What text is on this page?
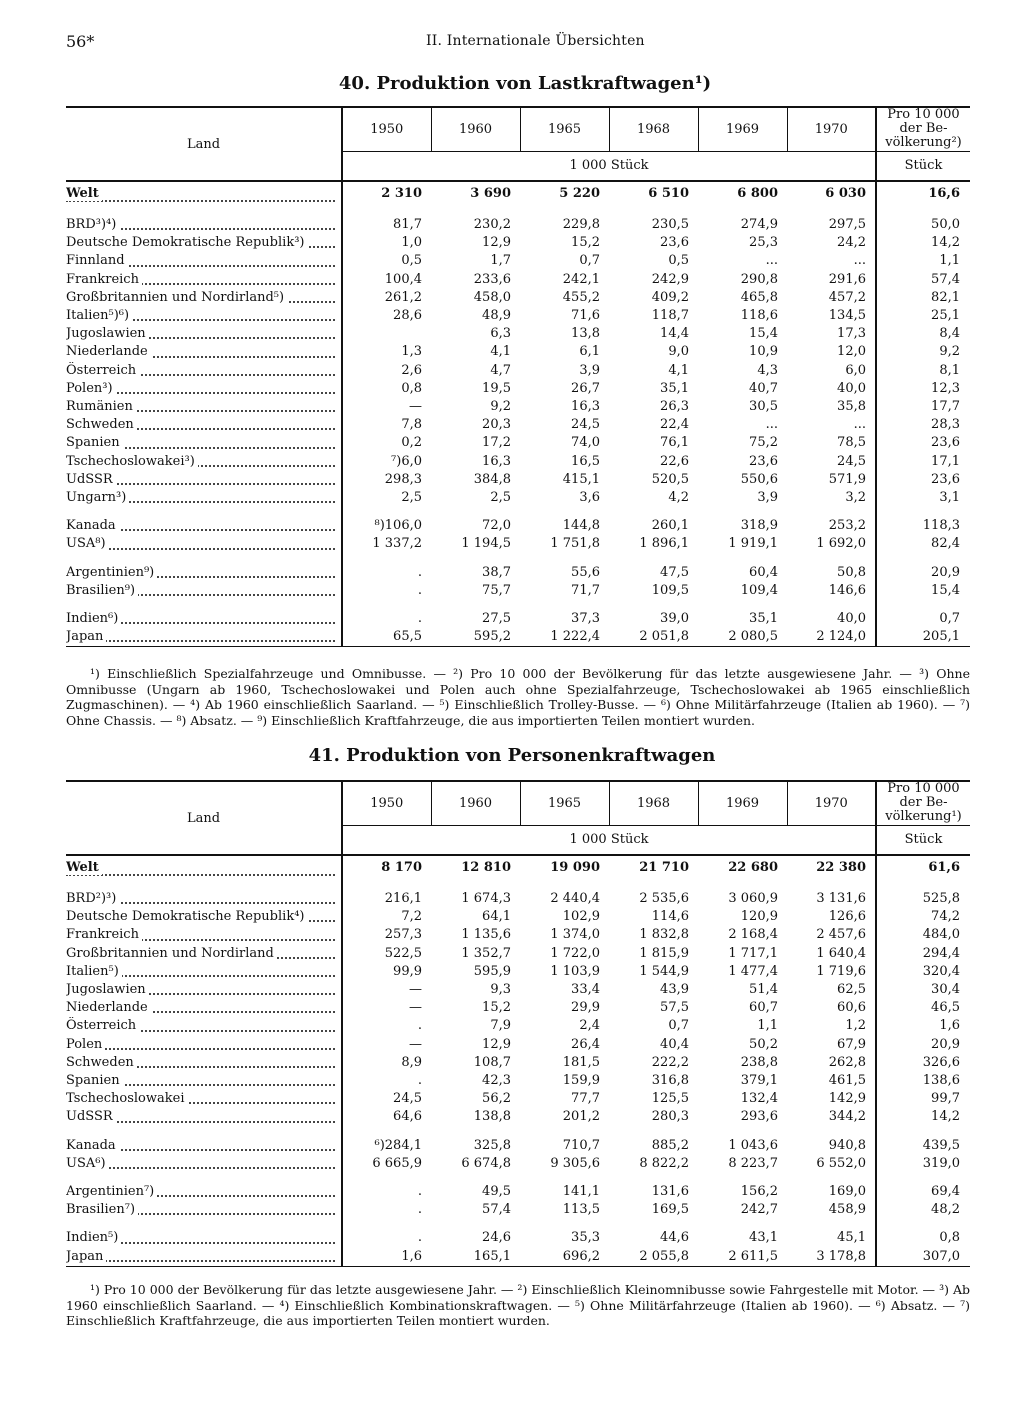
56*	II. Internationale Übersichten
40. Produktion von Lastkraftwagen¹)
Land	1950	1960	1965	1968	1969	1970	Pro 10 000
der Be-
völkerung²)
	1 000 Stück						Stück

Welt	2 310	3 690	5 220	6 510	6 800	6 030	16,6

BRD³)⁴)	81,7	230,2	229,8	230,5	274,9	297,5	50,0

Deutsche Demokratische Republik³)	1,0	12,9	15,2	23,6	25,3	24,2	14,2

Finnland	0,5	1,7	0,7	0,5	...	...	1,1

Frankreich	100,4	233,6	242,1	242,9	290,8	291,6	57,4

Großbritannien und Nordirland⁵)	261,2	458,0	455,2	409,2	465,8	457,2	82,1

Italien⁵)⁶)	28,6	48,9	71,6	118,7	118,6	134,5	25,1

Jugoslawien		6,3	13,8	14,4	15,4	17,3	8,4

Niederlande	1,3	4,1	6,1	9,0	10,9	12,0	9,2

Österreich	2,6	4,7	3,9	4,1	4,3	6,0	8,1

Polen³)	0,8	19,5	26,7	35,1	40,7	40,0	12,3

Rumänien	—	9,2	16,3	26,3	30,5	35,8	17,7

Schweden	7,8	20,3	24,5	22,4	...	...	28,3

Spanien	0,2	17,2	74,0	76,1	75,2	78,5	23,6

Tschechoslowakei³)	⁷)6,0	16,3	16,5	22,6	23,6	24,5	17,1

UdSSR	298,3	384,8	415,1	520,5	550,6	571,9	23,6

Ungarn³)	2,5	2,5	3,6	4,2	3,9	3,2	3,1

Kanada	⁸)106,0	72,0	144,8	260,1	318,9	253,2	118,3

USA⁸)	1 337,2	1 194,5	1 751,8	1 896,1	1 919,1	1 692,0	82,4

Argentinien⁹)	.	38,7	55,6	47,5	60,4	50,8	20,9

Brasilien⁹)	.	75,7	71,7	109,5	109,4	146,6	15,4

Indien⁶)	.	27,5	37,3	39,0	35,1	40,0	0,7

Japan	65,5	595,2	1 222,4	2 051,8	2 080,5	2 124,0	205,1

¹) Einschließlich Spezialfahrzeuge und Omnibusse. — ²) Pro 10 000 der Bevölkerung für das letzte ausgewiesene Jahr. — ³) Ohne Omnibusse (Ungarn ab 1960, Tschechoslowakei und Polen auch ohne Spezialfahrzeuge, Tschechoslowakei ab 1965 einschließlich Zugmaschinen). — ⁴) Ab 1960 einschließlich Saarland. — ⁵) Einschließlich Trolley-Busse. — ⁶) Ohne Militärfahrzeuge (Italien ab 1960). — ⁷) Ohne Chassis. — ⁸) Absatz. — ⁹) Einschließlich Kraftfahrzeuge, die aus importierten Teilen montiert wurden.

41. Produktion von Personenkraftwagen
Land	1950	1960	1965	1968	1969	1970	Pro 10 000
der Be-
völkerung¹)
	1 000 Stück						Stück

Welt	8 170	12 810	19 090	21 710	22 680	22 380	61,6

BRD²)³)	216,1	1 674,3	2 440,4	2 535,6	3 060,9	3 131,6	525,8

Deutsche Demokratische Republik⁴)	7,2	64,1	102,9	114,6	120,9	126,6	74,2

Frankreich	257,3	1 135,6	1 374,0	1 832,8	2 168,4	2 457,6	484,0

Großbritannien und Nordirland	522,5	1 352,7	1 722,0	1 815,9	1 717,1	1 640,4	294,4

Italien⁵)	99,9	595,9	1 103,9	1 544,9	1 477,4	1 719,6	320,4

Jugoslawien	—	9,3	33,4	43,9	51,4	62,5	30,4

Niederlande	—	15,2	29,9	57,5	60,7	60,6	46,5

Österreich	.	7,9	2,4	0,7	1,1	1,2	1,6

Polen	—	12,9	26,4	40,4	50,2	67,9	20,9

Schweden	8,9	108,7	181,5	222,2	238,8	262,8	326,6

Spanien	.	42,3	159,9	316,8	379,1	461,5	138,6

Tschechoslowakei	24,5	56,2	77,7	125,5	132,4	142,9	99,7

UdSSR	64,6	138,8	201,2	280,3	293,6	344,2	14,2

Kanada	⁶)284,1	325,8	710,7	885,2	1 043,6	940,8	439,5

USA⁶)	6 665,9	6 674,8	9 305,6	8 822,2	8 223,7	6 552,0	319,0

Argentinien⁷)	.	49,5	141,1	131,6	156,2	169,0	69,4

Brasilien⁷)	.	57,4	113,5	169,5	242,7	458,9	48,2

Indien⁵)	.	24,6	35,3	44,6	43,1	45,1	0,8

Japan	1,6	165,1	696,2	2 055,8	2 611,5	3 178,8	307,0

¹) Pro 10 000 der Bevölkerung für das letzte ausgewiesene Jahr. — ²) Einschließlich Kleinomnibusse sowie Fahrgestelle mit Motor. — ³) Ab 1960 einschließlich Saarland. — ⁴) Einschließlich Kombinationskraftwagen. — ⁵) Ohne Militärfahrzeuge (Italien ab 1960). — ⁶) Absatz. — ⁷) Einschließlich Kraftfahrzeuge, die aus importierten Teilen montiert wurden.
